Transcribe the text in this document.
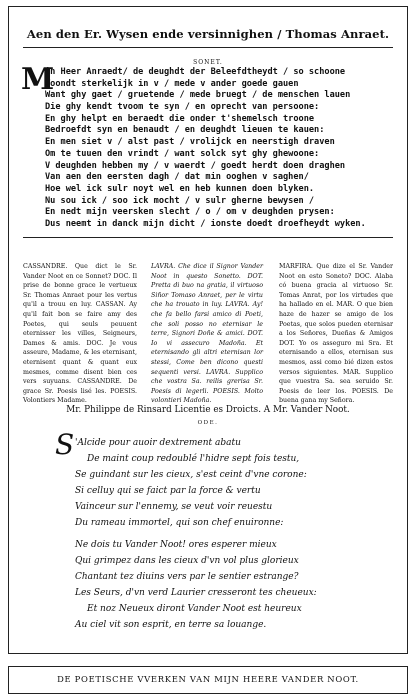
Aen den Er. Wysen ende versinnighen / Thomas Anraet.
SONET.
M
in Heer Anraedt/ de deughdt der Beleefdtheydt / so schoone
Woondt sterkelijk in v / mede v ander goede gauen
Want ghy gaet / gruetende / mede bruegt / de menschen lauen
Die ghy kendt tvoom te syn / en oprecht van persoone:
En ghy helpt en beraedt die onder t'shemelsch troone
Bedroefdt syn en benaudt / en deughdt lieuen te kauen:
En men siet v / alst past / vrolijck en neerstigh draven
Om te tuuen den vrindt / want solck syt ghy ghewoone:
V deughden hebben my / v waerdt / goedt herdt doen draghen
Van aen den eersten dagh / dat min ooghen v saghen/
Hoe wel ick sulr noyt wel en heb kunnen doen blyken.
Nu sou ick / soo ick mocht / v sulr gherne bewysen /
En nedt mijn veersken slecht / o / om v deughden prysen:
Dus neemt in danck mijn dicht / ionste doedt droefheydt wyken.

CASSANDRE. Que dict le Sr. Vander Noot en ce Sonnet? DOC. Il prise de bonne grace le vertueux Sr. Thomas Anraet pour les vertus qu'il a trouu en luy. CASSAN. Ay qu'il fait bon se faire amy des Poetes, qui seuls peuuent eternisser les villes, Seigneurs, Dames & amis. DOC. Je vous asseure, Madame, & les eternisant, eternisent quant & quant eux mesmes, comme disent bien ces vers suyuans. CASSANDRE. De grace Sr. Poesis lisé les. POESIS. Volontiers Madame.

LAVRA. Che dice il Signor Vander Noot in questo Sonetto. DOT. Pretta di buo na gratia, il virtuoso Siñor Tomaso Anraet, per le virtu che ha trouato in luy. LAVRA. Ay! che fa bello farsi amico di Poeti, che soli posso no eternisar le terre, Signori Doñe & amici. DOT. Io vi assecuro Madoña. Et eternisando gli altri eternisan lor stessi, Come ben dicono questi sequenti versi. LAVRA. Supplico che vostra Sa. reilis grerisa Sr. Poesis di legerli. POESIS. Molto volontieri Madoña.

MARFIRA. Que dize el Sr. Vander Noot en esto Soneto? DOC. Alaba có buena gracia al virtuoso Sr. Tomas Anrat, por los virtudes que ha hallado en el. MAR. O que bien haze de hazer se amigo de los Poetas, que solos pueden eternisar a los Señores, Dueñas & Amigos DOT. Yo os asseguro mi Sra. Et eternisando a ellos, eternisan sus mesmos, assi como bié dizen estos versos siguientes. MAR. Supplico que vuestra Sa. sea seruido Sr. Poesis de leer los. POESIS. De buena gana my Señora.

Mr. Philippe de Rinsard Licentie es Droicts. A Mr. Vander Noot.
ODE.
S 'Alcide pour auoir dextrement abatu
De maint coup redoublé l'hidre sept fois testu,
Se guindant sur les cieux, s'est ceint d'vne corone:
Si celluy qui se faict par la force & vertu
Vainceur sur l'ennemy, se veut voir reuestu
Du rameau immortel, qui son chef enuironne:
Ne dois tu Vander Noot! ores esperer mieux
Qui grimpez dans les cieux d'vn vol plus glorieux
Chantant tez diuins vers par le sentier estrange?
Les Seurs, d'vn verd Laurier cresseront tes cheueux:
Et noz Neueux diront Vander Noot est heureux
Au ciel vit son esprit, en terre sa louange.
DE POETISCHE VVERKEN VAN MIJN HEERE VANDER NOOT.
